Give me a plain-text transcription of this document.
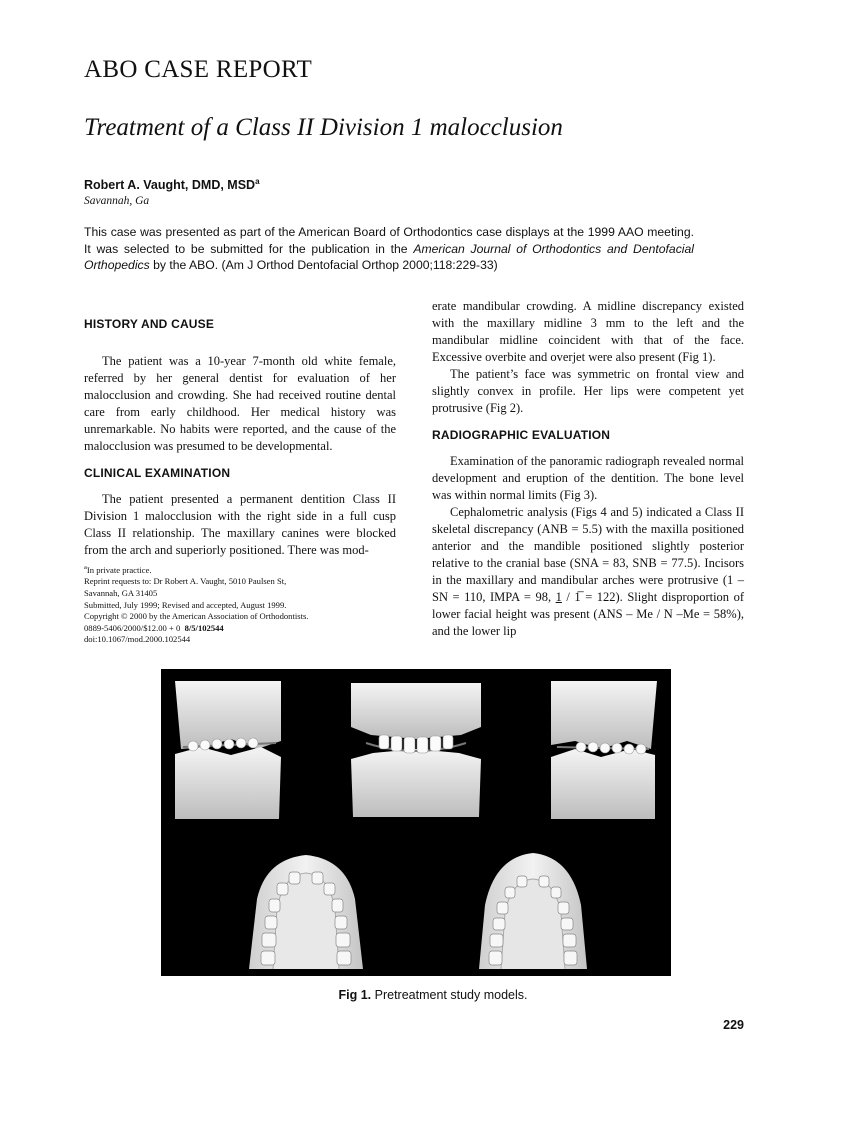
ABO CASE REPORT
Treatment of a Class II Division 1 malocclusion
Robert A. Vaught, DMD, MSD$^a$
Savannah, Ga
This case was presented as part of the American Board of Orthodontics case displays at the 1999 AAO meeting. It was selected to be submitted for the publication in the American Journal of Orthodontics and Dentofacial Orthopedics by the ABO. (Am J Orthod Dentofacial Orthop 2000;118:229-33)
HISTORY AND CAUSE

The patient was a 10-year 7-month old white female, referred by her general dentist for evaluation of her malocclusion and crowding. She had received routine dental care from early childhood. Her medical history was unremarkable. No habits were reported, and the cause of the malocclusion was presumed to be developmental.

CLINICAL EXAMINATION

The patient presented a permanent dentition Class II Division 1 malocclusion with the right side in a full cusp Class II relationship. The maxillary canines were blocked from the arch and superiorly positioned. There was mod-

$^a$In private practice.
Reprint requests to: Dr Robert A. Vaught, 5010 Paulsen St,
Savannah, GA 31405
Submitted, July 1999; Revised and accepted, August 1999.
Copyright © 2000 by the American Association of Orthodontists.
0889-5406/2000/$12.00 + 0 8/5/102544
doi:10.1067/mod.2000.102544

erate mandibular crowding. A midline discrepancy existed with the maxillary midline 3 mm to the left and the mandibular midline coincident with that of the face. Excessive overbite and overjet were also present (Fig 1).

The patient’s face was symmetric on frontal view and slightly convex in profile. Her lips were competent yet protrusive (Fig 2).

RADIOGRAPHIC EVALUATION

Examination of the panoramic radiograph revealed normal development and eruption of the dentition. The bone level was within normal limits (Fig 3).

Cephalometric analysis (Figs 4 and 5) indicated a Class II skeletal discrepancy (ANB = 5.5) with the maxilla positioned anterior and the mandible positioned slightly posterior relative to the cranial base (SNA = 83, SNB = 77.5). Incisors in the maxillary and mandibular arches were protrusive (1 – SN = 110, IMPA = 98, 1 / 1̅ = 122). Slight disproportion of lower facial height was present (ANS – Me / N –Me = 58%), and the lower lip

Fig 1. Pretreatment study models.
229
